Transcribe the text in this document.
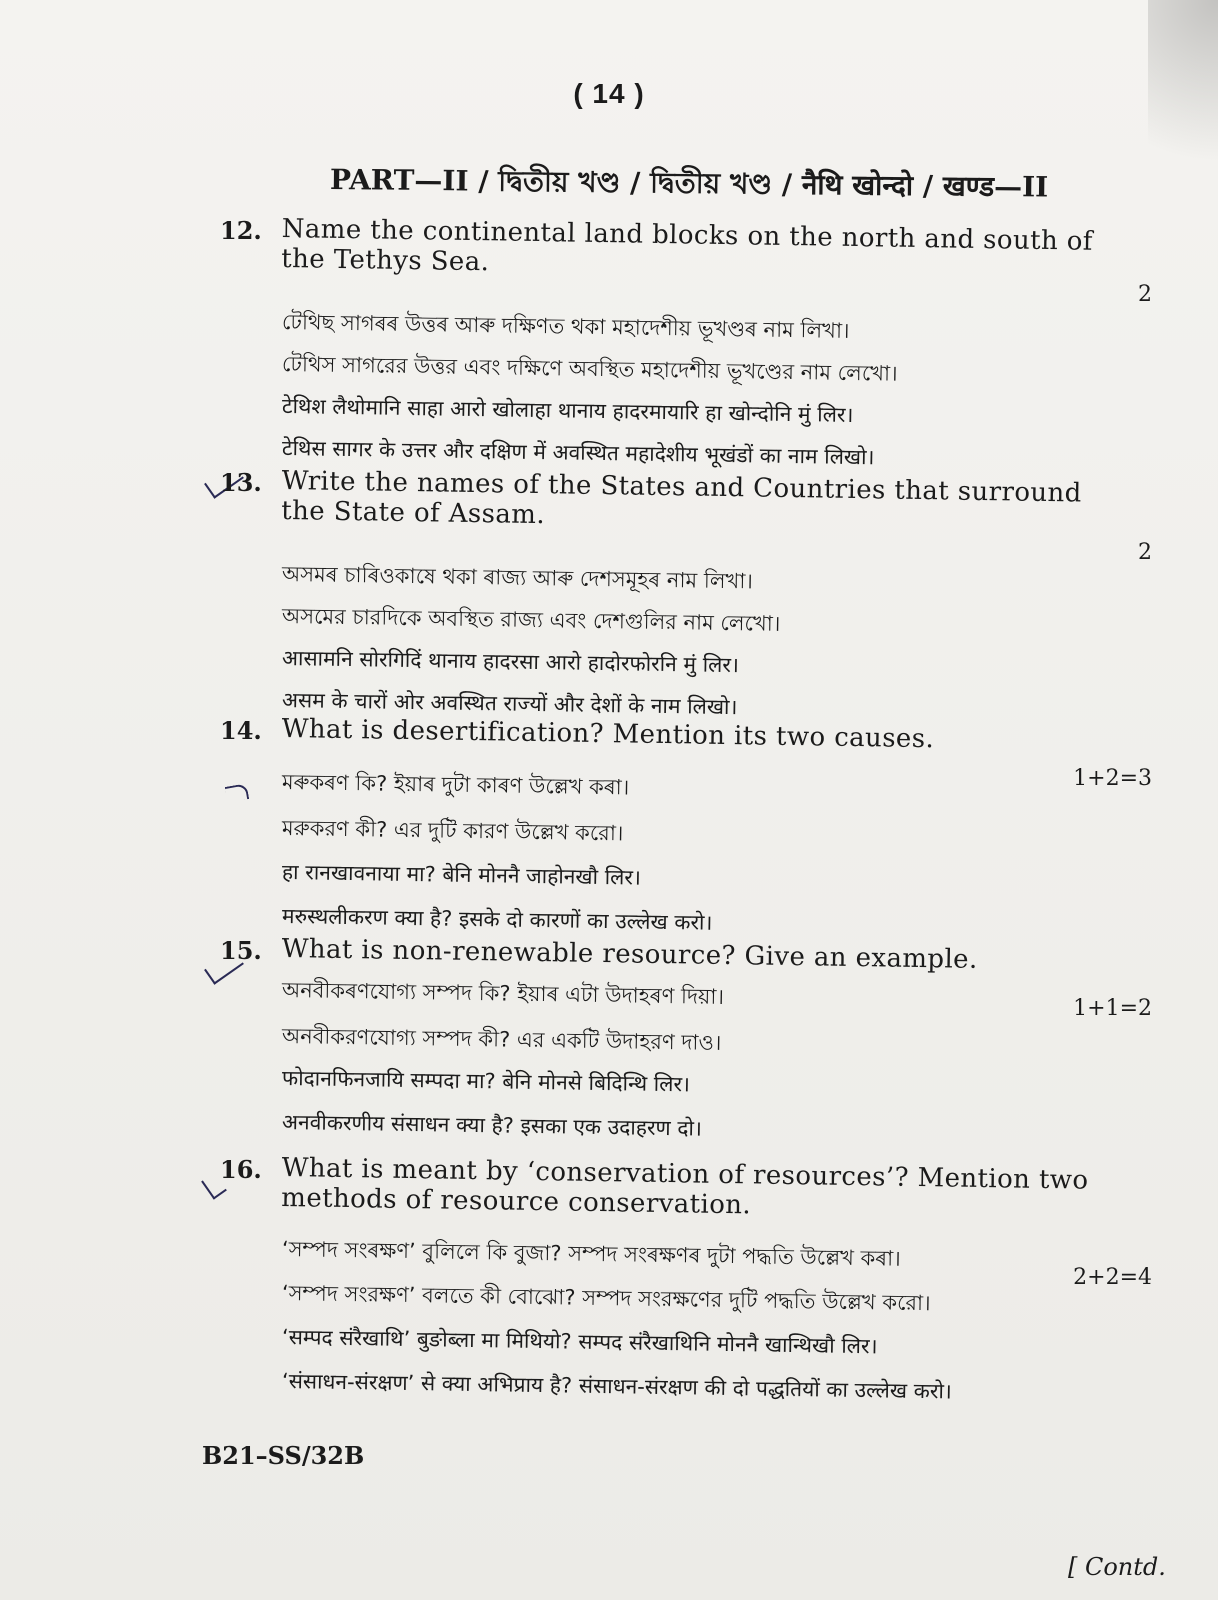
( 14 )
PART—II / দ্বিতীয় খণ্ড / দ্বিতীয় খণ্ড / नैथि खोन्दो / खण्ड—II
12. Name the continental land blocks on the north and south of the Tethys Sea.
2
টেথিছ সাগৰৰ উত্তৰ আৰু দক্ষিণত থকা মহাদেশীয় ভূখণ্ডৰ নাম লিখা।
টেথিস সাগরের উত্তর এবং দক্ষিণে অবস্থিত মহাদেশীয় ভূখণ্ডের নাম লেখো।
टेथिश लैथोमानि साहा आरो खोलाहा थानाय हादरमायारि हा खोन्दोनि मुं लिर।
टेथिस सागर के उत्तर और दक्षिण में अवस्थित महादेशीय भूखंडों का नाम लिखो।
13. Write the names of the States and Countries that surround the State of Assam.
2
অসমৰ চাৰিওকাষে থকা ৰাজ্য আৰু দেশসমূহৰ নাম লিখা।
অসমের চারদিকে অবস্থিত রাজ্য এবং দেশগুলির নাম লেখো।
आसामनि सोरगिदिं थानाय हादरसा आरो हादोरफोरनि मुं लिर।
असम के चारों ओर अवस्थित राज्यों और देशों के नाम लिखो।
14. What is desertification? Mention its two causes.
1+2=3
মৰুকৰণ কি? ইয়াৰ দুটা কাৰণ উল্লেখ কৰা।
মরুকরণ কী? এর দুটি কারণ উল্লেখ করো।
हा रानखावनाया मा? बेनि मोननै जाहोनखौ लिर।
मरुस्थलीकरण क्या है? इसके दो कारणों का उल्लेख करो।
15. What is non-renewable resource? Give an example.
1+1=2
অনবীকৰণযোগ্য সম্পদ কি? ইয়াৰ এটা উদাহৰণ দিয়া।
অনবীকরণযোগ্য সম্পদ কী? এর একটি উদাহরণ দাও।
फोदानफिनजायि सम्पदा मा? बेनि मोनसे बिदिन्थि लिर।
अनवीकरणीय संसाधन क्या है? इसका एक उदाहरण दो।
16. What is meant by ‘conservation of resources’? Mention two methods of resource conservation.
2+2=4
‘সম্পদ সংৰক্ষণ’ বুলিলে কি বুজা? সম্পদ সংৰক্ষণৰ দুটা পদ্ধতি উল্লেখ কৰা।
‘সম্পদ সংরক্ষণ’ বলতে কী বোঝো? সম্পদ সংরক্ষণের দুটি পদ্ধতি উল্লেখ করো।
‘सम्पद संरैखाथि’ बुङोब्ला मा मिथियो? सम्पद संरैखाथिनि मोननै खान्थिखौ लिर।
‘संसाधन-संरक्षण’ से क्या अभिप्राय है? संसाधन-संरक्षण की दो पद्धतियों का उल्लेख करो।
B21–SS/32B
[ Contd.
